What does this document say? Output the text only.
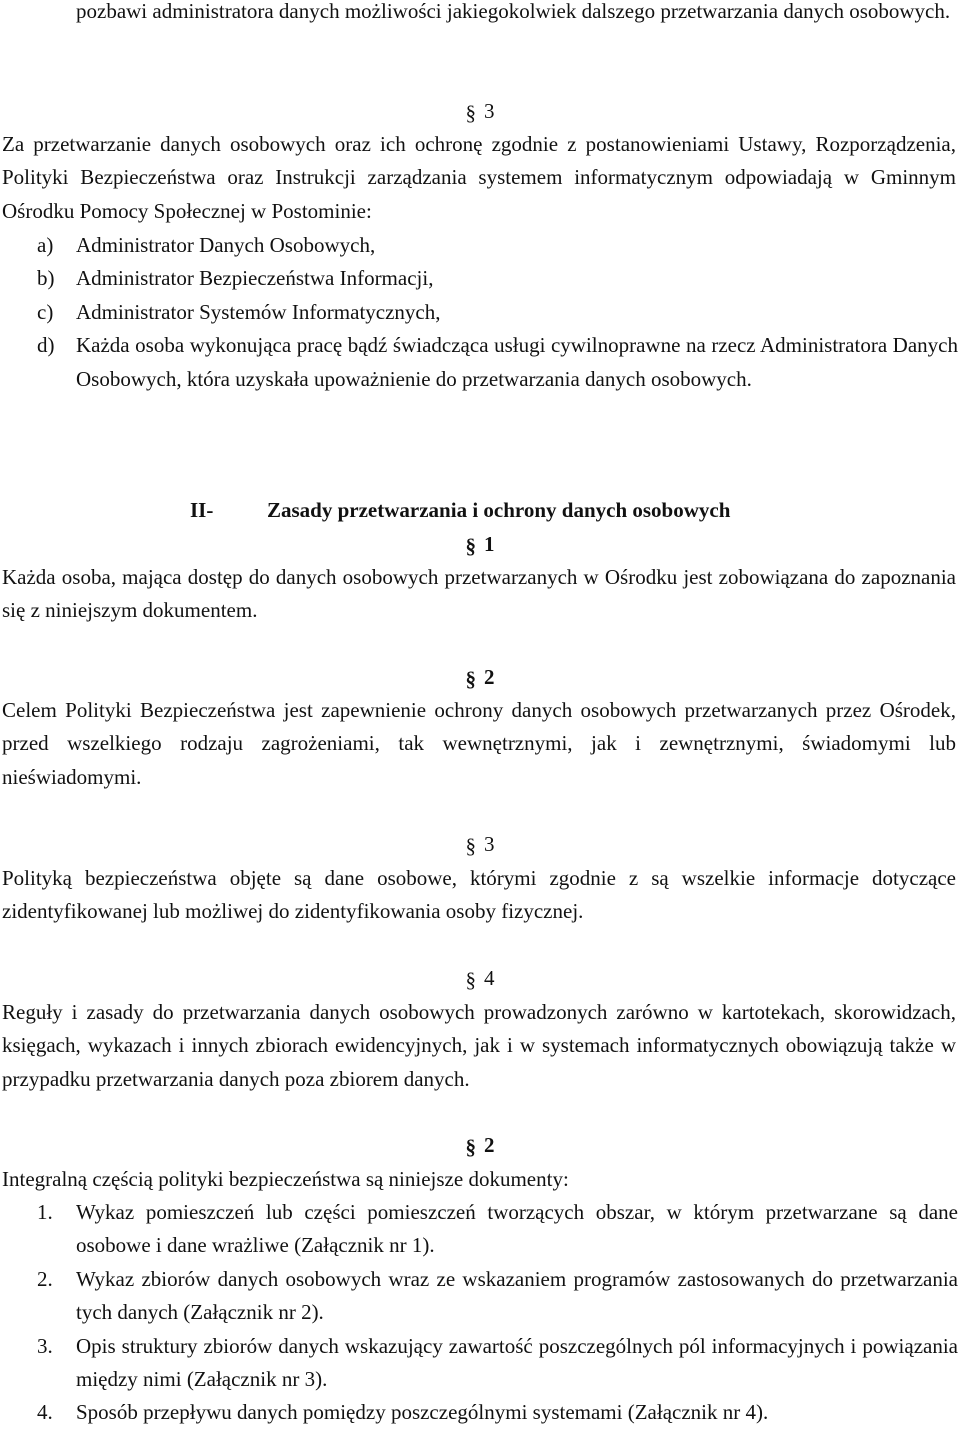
pozbawi administratora danych możliwości jakiegokolwiek dalszego przetwarzania danych osobowych.
§ 3

Za przetwarzanie danych osobowych oraz ich ochronę zgodnie z postanowieniami Ustawy, Rozporządzenia, Polityki Bezpieczeństwa oraz Instrukcji zarządzania systemem informatycznym odpowiadają w Gminnym Ośrodku Pomocy Społecznej w Postominie:

a) Administrator Danych Osobowych,
b) Administrator Bezpieczeństwa Informacji,
c) Administrator Systemów Informatycznych,
d) Każda osoba wykonująca pracę bądź świadcząca usługi cywilnoprawne na rzecz Administratora Danych Osobowych, która uzyskała upoważnienie do przetwarzania danych osobowych.
II-	Zasady przetwarzania i ochrony danych osobowych
§ 1

Każda osoba, mająca dostęp do danych osobowych przetwarzanych w Ośrodku jest zobowiązana do zapoznania się z niniejszym dokumentem.

§ 2

Celem Polityki Bezpieczeństwa jest zapewnienie ochrony danych osobowych przetwarzanych przez Ośrodek, przed wszelkiego rodzaju zagrożeniami, tak wewnętrznymi, jak i zewnętrznymi, świadomymi lub nieświadomymi.

§ 3

Polityką bezpieczeństwa objęte są dane osobowe, którymi zgodnie z są wszelkie informacje dotyczące zidentyfikowanej lub możliwej do zidentyfikowania osoby fizycznej.

§ 4

Reguły i zasady do przetwarzania danych osobowych prowadzonych zarówno w kartotekach, skorowidzach, księgach, wykazach i innych zbiorach ewidencyjnych, jak i w systemach informatycznych obowiązują także w przypadku przetwarzania danych poza zbiorem danych.

§ 2

Integralną częścią polityki bezpieczeństwa są niniejsze dokumenty:

1. Wykaz pomieszczeń lub części pomieszczeń tworzących obszar, w którym przetwarzane są dane osobowe i dane wrażliwe (Załącznik nr 1).
2. Wykaz zbiorów danych osobowych wraz ze wskazaniem programów zastosowanych do przetwarzania tych danych (Załącznik nr 2).
3. Opis struktury zbiorów danych wskazujący zawartość poszczególnych pól informacyjnych i powiązania między nimi (Załącznik nr 3).
4. Sposób przepływu danych pomiędzy poszczególnymi systemami (Załącznik nr 4).
